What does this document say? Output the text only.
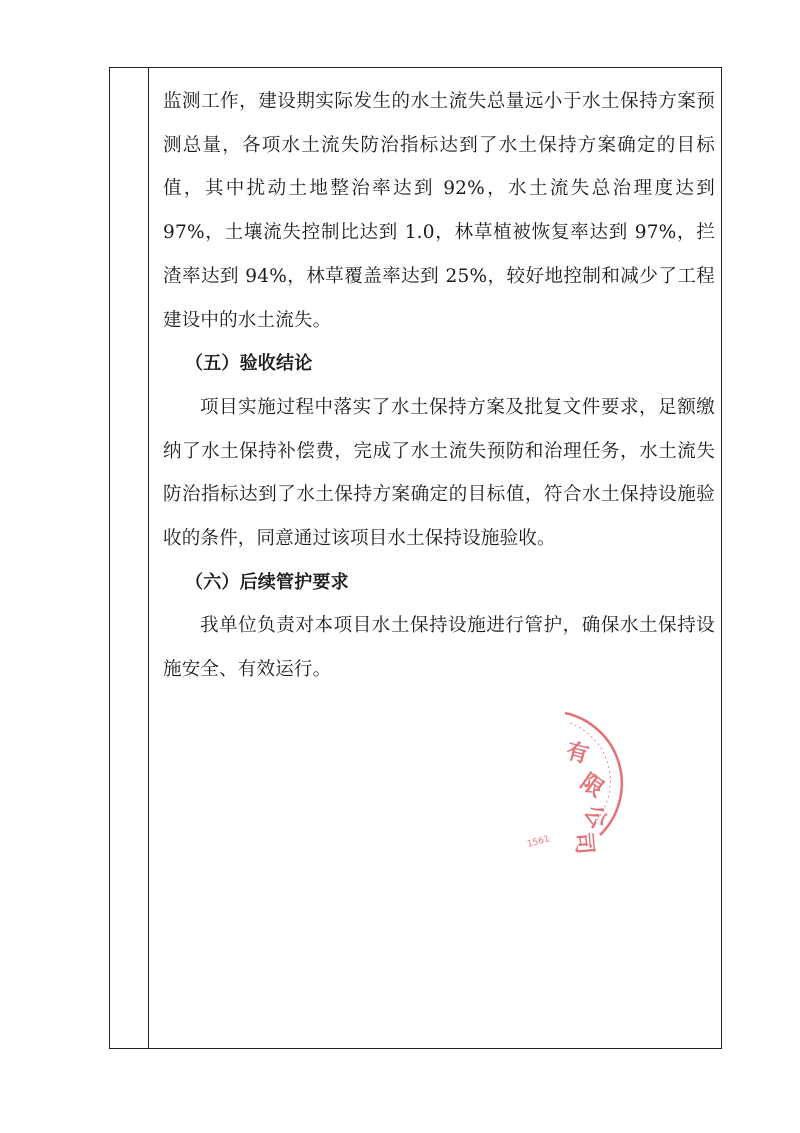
监测工作，建设期实际发生的水土流失总量远小于水土保持方案预测总量，各项水土流失防治指标达到了水土保持方案确定的目标值，其中扰动土地整治率达到 92%，水土流失总治理度达到 97%，土壤流失控制比达到 1.0，林草植被恢复率达到 97%，拦渣率达到 94%，林草覆盖率达到 25%，较好地控制和减少了工程建设中的水土流失。

（五）验收结论

项目实施过程中落实了水土保持方案及批复文件要求，足额缴纳了水土保持补偿费，完成了水土流失预防和治理任务，水土流失防治指标达到了水土保持方案确定的目标值，符合水土保持设施验收的条件，同意通过该项目水土保持设施验收。

（六）后续管护要求

我单位负责对本项目水土保持设施进行管护，确保水土保持设施安全、有效运行。

有
限
公
司
1561
